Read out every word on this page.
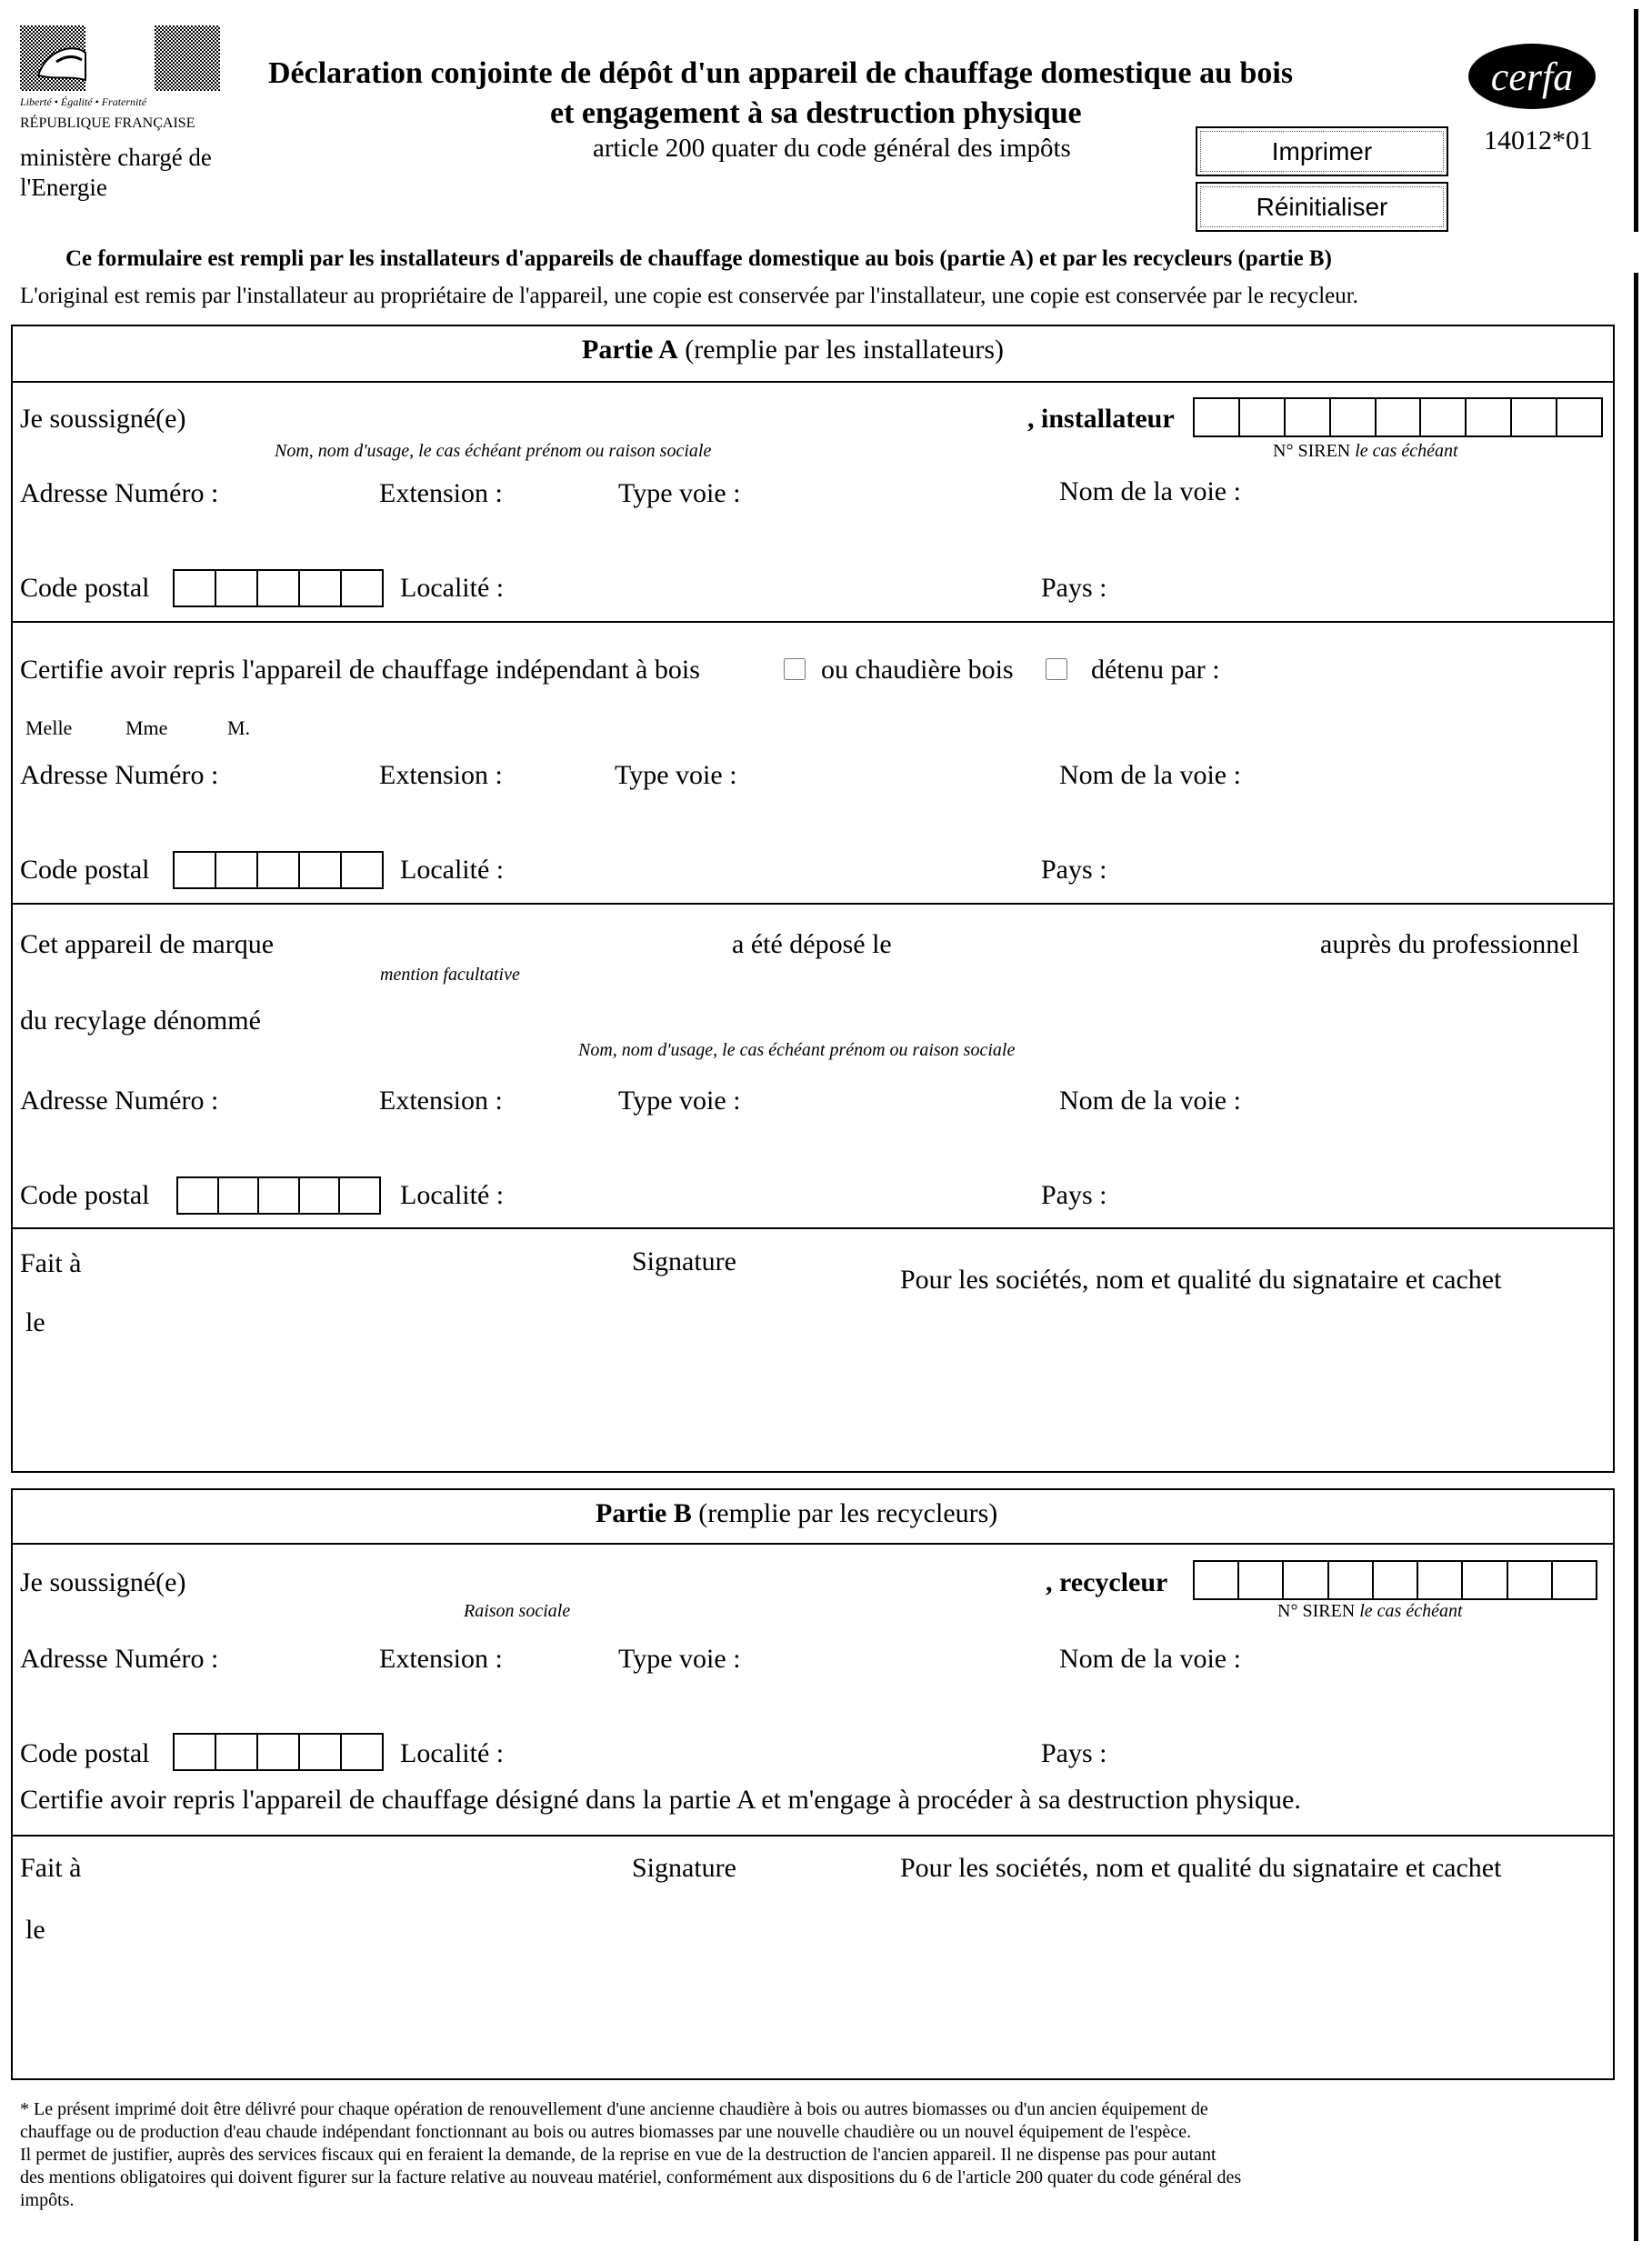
Liberté • Égalité • Fraternité
RÉPUBLIQUE FRANÇAISE
ministère chargé de
l'Energie
Déclaration conjointe de dépôt d'un appareil de chauffage domestique au bois
et engagement à sa destruction physique
article 200 quater du code général des impôts
cerfa
14012*01
Imprimer
Réinitialiser
Ce formulaire est rempli par les installateurs d'appareils de chauffage domestique au bois (partie A) et par les recycleurs (partie B)
L'original est remis par l'installateur au propriétaire de l'appareil, une copie est conservée par l'installateur, une copie est conservée par le recycleur.
Partie A (remplie par les installateurs)
Je soussigné(e)
Nom, nom d'usage, le cas échéant prénom ou raison sociale
, installateur
N° SIREN le cas échéant
Adresse Numéro :	Extension :	Type voie :	Nom de la voie :
Code postal	Localité :	Pays :
Certifie avoir repris l'appareil de chauffage indépendant à bois	ou chaudière bois	détenu par :
Melle	Mme	M.
Adresse Numéro :	Extension :	Type voie :	Nom de la voie :
Code postal	Localité :	Pays :
Cet appareil de marque
mention facultative
a été déposé le	auprès du professionnel
du recylage dénommé
Nom, nom d'usage, le cas échéant prénom ou raison sociale
Adresse Numéro :	Extension :	Type voie :	Nom de la voie :
Code postal	Localité :	Pays :
Fait à	Signature
Pour les sociétés, nom et qualité du signataire et cachet
le
Partie B (remplie par les recycleurs)
Je soussigné(e)
Raison sociale
, recycleur
N° SIREN le cas échéant
Adresse Numéro :	Extension :	Type voie :	Nom de la voie :
Code postal	Localité :	Pays :
Certifie avoir repris l'appareil de chauffage désigné dans la partie A et m'engage à procéder à sa destruction physique.
Fait à	Signature	Pour les sociétés, nom et qualité du signataire et cachet
le
* Le présent imprimé doit être délivré pour chaque opération de renouvellement d'une ancienne chaudière à bois ou autres biomasses ou d'un ancien équipement de
chauffage ou de production d'eau chaude indépendant fonctionnant au bois ou autres biomasses par une nouvelle chaudière ou un nouvel équipement de l'espèce.
Il permet de justifier, auprès des services fiscaux qui en feraient la demande, de la reprise en vue de la destruction de l'ancien appareil. Il ne dispense pas pour autant
des mentions obligatoires qui doivent figurer sur la facture relative au nouveau matériel, conformément aux dispositions du 6 de l'article 200 quater du code général des
impôts.
